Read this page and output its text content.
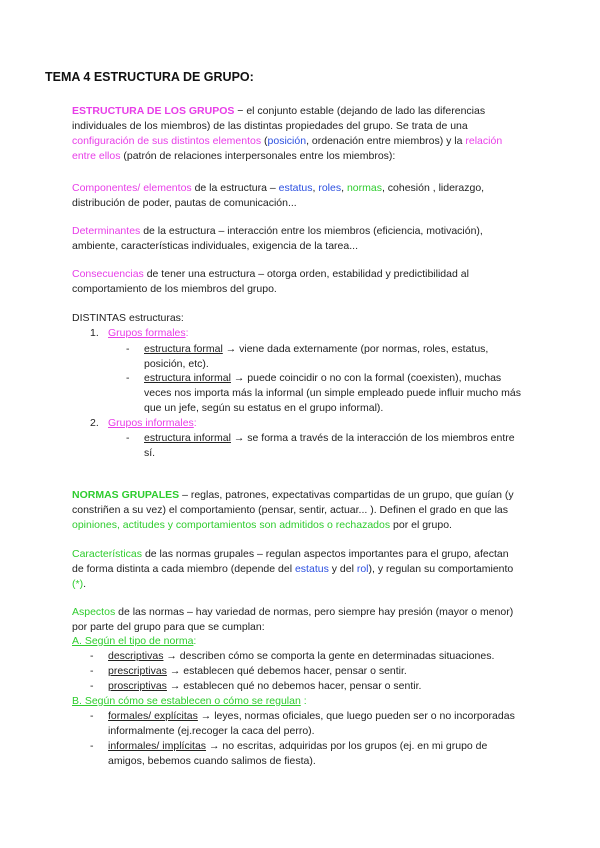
TEMA 4 ESTRUCTURA DE GRUPO:

ESTRUCTURA DE LOS GRUPOS − el conjunto estable (dejando de lado las diferencias individuales de los miembros) de las distintas propiedades del grupo. Se trata de una configuración de sus distintos elementos (posición, ordenación entre miembros) y la relación entre ellos (patrón de relaciones interpersonales entre los miembros):

Componentes/ elementos de la estructura – estatus, roles, normas, cohesión , liderazgo, distribución de poder, pautas de comunicación...

Determinantes de la estructura – interacción entre los miembros (eficiencia, motivación), ambiente, características individuales, exigencia de la tarea...

Consecuencias de tener una estructura – otorga orden, estabilidad y predictibilidad al comportamiento de los miembros del grupo.

DISTINTAS estructuras:
1. Grupos formales:
- estructura formal → viene dada externamente (por normas, roles, estatus, posición, etc).
- estructura informal → puede coincidir o no con la formal (coexisten), muchas veces nos importa más la informal (un simple empleado puede influir mucho más que un jefe, según su estatus en el grupo informal).
2. Grupos informales:
- estructura informal → se forma a través de la interacción de los miembros entre sí.

NORMAS GRUPALES – reglas, patrones, expectativas compartidas de un grupo, que guían (y constriñen a su vez) el comportamiento (pensar, sentir, actuar... ). Definen el grado en que las opiniones, actitudes y comportamientos son admitidos o rechazados por el grupo.

Características de las normas grupales – regulan aspectos importantes para el grupo, afectan de forma distinta a cada miembro (depende del estatus y del rol), y regulan su comportamiento (*).

Aspectos de las normas – hay variedad de normas, pero siempre hay presión (mayor o menor) por parte del grupo para que se cumplan:

A. Según el tipo de norma:
- descriptivas → describen cómo se comporta la gente en determinadas situaciones.
- prescriptivas → establecen qué debemos hacer, pensar o sentir.
- proscriptivas → establecen qué no debemos hacer, pensar o sentir.
B. Según cómo se establecen o cómo se regulan :
- formales/ explícitas → leyes, normas oficiales, que luego pueden ser o no incorporadas informalmente (ej.recoger la caca del perro).
- informales/ implícitas → no escritas, adquiridas por los grupos (ej. en mi grupo de amigos, bebemos cuando salimos de fiesta).
